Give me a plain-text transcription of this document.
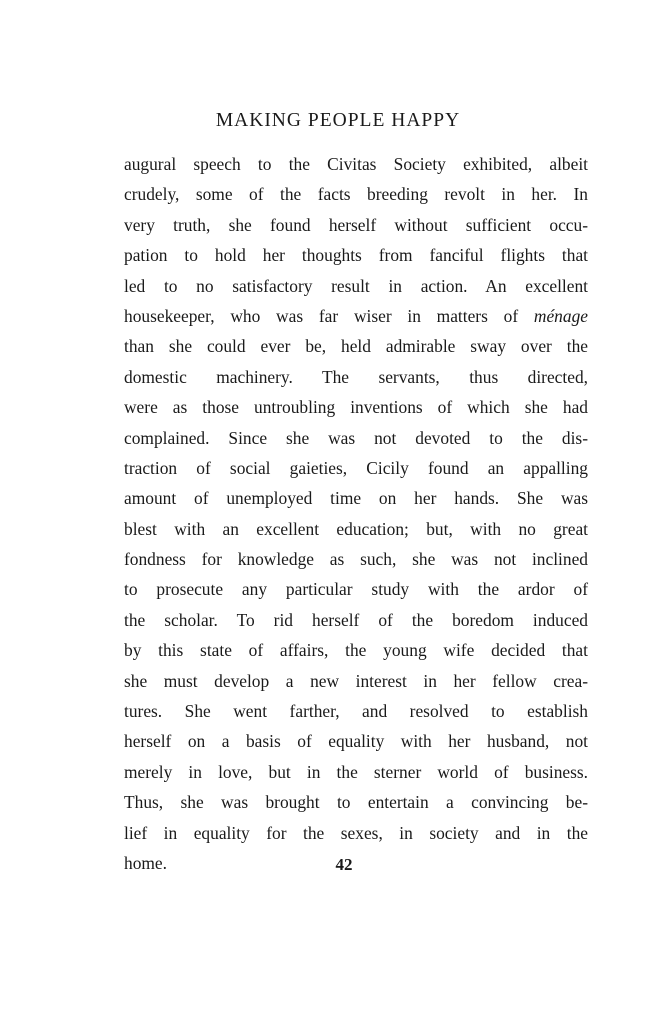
MAKING PEOPLE HAPPY
augural speech to the Civitas Society exhibited, albeit
crudely, some of the facts breeding revolt in her. In
very truth, she found herself without sufficient occu-
pation to hold her thoughts from fanciful flights that
led to no satisfactory result in action. An excellent
housekeeper, who was far wiser in matters of ménage
than she could ever be, held admirable sway over the
domestic machinery. The servants, thus directed,
were as those untroubling inventions of which she had
complained. Since she was not devoted to the dis-
traction of social gaieties, Cicily found an appalling
amount of unemployed time on her hands. She was
blest with an excellent education; but, with no great
fondness for knowledge as such, she was not inclined
to prosecute any particular study with the ardor of
the scholar. To rid herself of the boredom induced
by this state of affairs, the young wife decided that
she must develop a new interest in her fellow crea-
tures. She went farther, and resolved to establish
herself on a basis of equality with her husband, not
merely in love, but in the sterner world of business.
Thus, she was brought to entertain a convincing be-
lief in equality for the sexes, in society and in the
home.	42
